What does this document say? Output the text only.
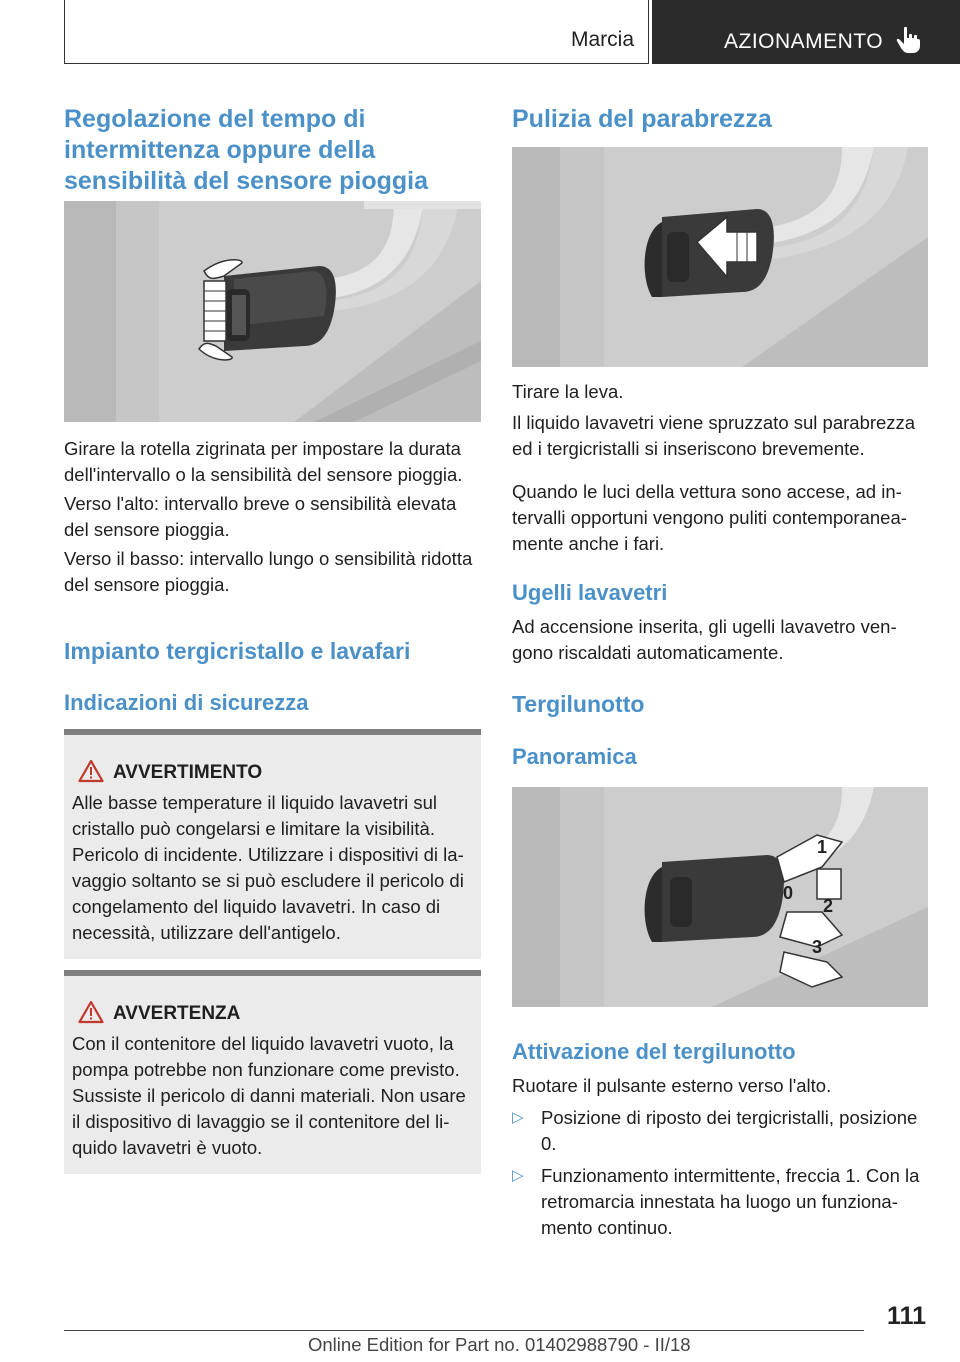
Marcia	AZIONAMENTO
Regolazione del tempo di intermittenza oppure della sensibilità del sensore pioggia

Girare la rotella zigrinata per impostare la durata dell'intervallo o la sensibilità del sensore pioggia.

Verso l'alto: intervallo breve o sensibilità elevata del sensore pioggia.

Verso il basso: intervallo lungo o sensibilità ridotta del sensore pioggia.

Impianto tergicristallo e lavafari
Indicazioni di sicurezza
AVVERTIMENTO
Alle basse temperature il liquido lavavetri sul cristallo può congelarsi e limitare la visibilità. Pericolo di incidente. Utilizzare i dispositivi di lavaggio soltanto se si può escludere il pericolo di congelamento del liquido lavavetri. In caso di necessità, utilizzare dell'antigelo.
AVVERTENZA
Con il contenitore del liquido lavavetri vuoto, la pompa potrebbe non funzionare come previsto. Sussiste il pericolo di danni materiali. Non usare il dispositivo di lavaggio se il contenitore del liquido lavavetri è vuoto.
Pulizia del parabrezza

Tirare la leva.

Il liquido lavavetri viene spruzzato sul parabrezza ed i tergicristalli si inseriscono brevemente.

Quando le luci della vettura sono accese, ad intervalli opportuni vengono puliti contemporaneamente anche i fari.

Ugelli lavavetri

Ad accensione inserita, gli ugelli lavavetro vengono riscaldati automaticamente.

Tergilunotto
Panoramica
1
0
2
3
Attivazione del tergilunotto

Ruotare il pulsante esterno verso l'alto.

▷ Posizione di riposto dei tergicristalli, posizione 0.
▷ Funzionamento intermittente, freccia 1. Con la retromarcia innestata ha luogo un funzionamento continuo.
111
Online Edition for Part no. 01402988790 - II/18
